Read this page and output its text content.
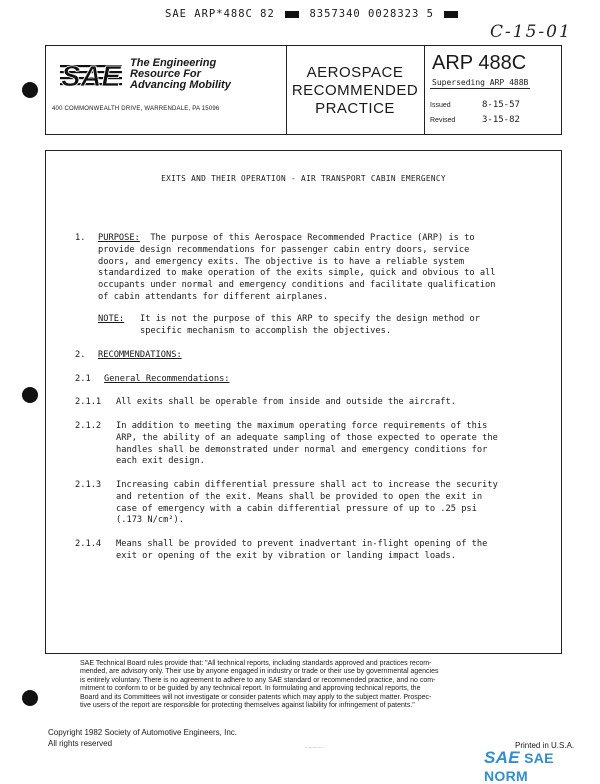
SAE ARP*488C 82	8357340 0028323 5
C-15-01
SAE The Engineering
Resource For
Advancing Mobility
400 COMMONWEALTH DRIVE, WARRENDALE, PA 15096
AEROSPACE
RECOMMENDED
PRACTICE
ARP 488C
Superseding ARP 488B
Issued	8-15-57
Revised	3-15-82
EXITS AND THEIR OPERATION - AIR TRANSPORT CABIN EMERGENCY
1. PURPOSE: The purpose of this Aerospace Recommended Practice (ARP) is to
provide design recommendations for passenger cabin entry doors, service
doors, and emergency exits. The objective is to have a reliable system
standardized to make operation of the exits simple, quick and obvious to all
occupants under normal and emergency conditions and facilitate qualification
of cabin attendants for different airplanes.
NOTE: It is not the purpose of this ARP to specify the design method or
specific mechanism to accomplish the objectives.
2. RECOMMENDATIONS:
2.1 General Recommendations:
2.1.1 All exits shall be operable from inside and outside the aircraft.
2.1.2 In addition to meeting the maximum operating force requirements of this
ARP, the ability of an adequate sampling of those expected to operate the
handles shall be demonstrated under normal and emergency conditions for
each exit design.
2.1.3 Increasing cabin differential pressure shall act to increase the security
and retention of the exit. Means shall be provided to open the exit in
case of emergency with a cabin differential pressure of up to .25 psi
(.173 N/cm²).
2.1.4 Means shall be provided to prevent inadvertant in-flight opening of the
exit or opening of the exit by vibration or landing impact loads.
SAE Technical Board rules provide that: "All technical reports, including standards approved and practices recom-
mended, are advisory only. Their use by anyone engaged in industry or trade or their use by governmental agencies
is entirely voluntary. There is no agreement to adhere to any SAE standard or recommended practice, and no com-
mitment to conform to or be guided by any technical report. In formulating and approving technical reports, the
Board and its Committees will not investigate or consider patents which may apply to the subject matter. Prospec-
tive users of the report are responsible for protecting themselves against liability for infringement of patents."
Copyright 1982 Society of Automotive Engineers, Inc.
All rights reserved	Printed in U.S.A.
...............
SAE SAE NORM
